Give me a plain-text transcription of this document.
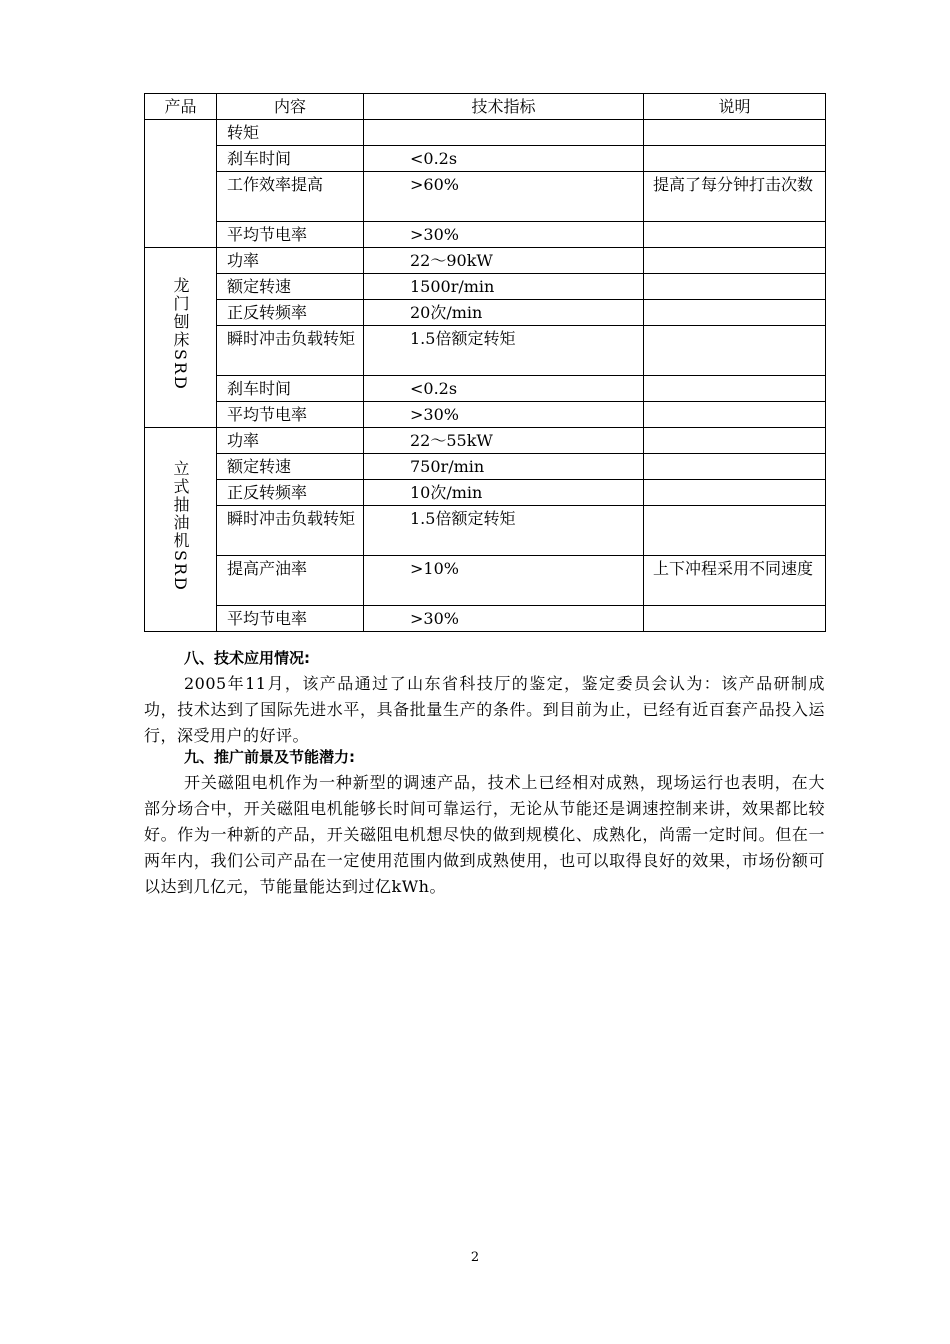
产品	内容	技术指标	说明
	转矩		
	刹车时间	<0.2s	
	工作效率提高	>60%	提高了每分钟打击次数
	平均节电率	>30%	
龙门刨床SRD	功率	22～90kW	
	额定转速	1500r/min	
	正反转频率	20次/min	
	瞬时冲击负载转矩	1.5倍额定转矩	
	刹车时间	<0.2s	
	平均节电率	>30%	
立式抽油机SRD	功率	22～55kW	
	额定转速	750r/min	
	正反转频率	10次/min	
	瞬时冲击负载转矩	1.5倍额定转矩	
	提高产油率	>10%	上下冲程采用不同速度
	平均节电率	>30%	
八、技术应用情况:
2005年11月，该产品通过了山东省科技厅的鉴定，鉴定委员会认为：该产品研制成功，技术达到了国际先进水平，具备批量生产的条件。到目前为止，已经有近百套产品投入运行，深受用户的好评。
九、推广前景及节能潜力:
开关磁阻电机作为一种新型的调速产品，技术上已经相对成熟，现场运行也表明，在大部分场合中，开关磁阻电机能够长时间可靠运行，无论从节能还是调速控制来讲，效果都比较好。作为一种新的产品，开关磁阻电机想尽快的做到规模化、成熟化，尚需一定时间。但在一两年内，我们公司产品在一定使用范围内做到成熟使用，也可以取得良好的效果，市场份额可以达到几亿元，节能量能达到过亿kWh。
2
